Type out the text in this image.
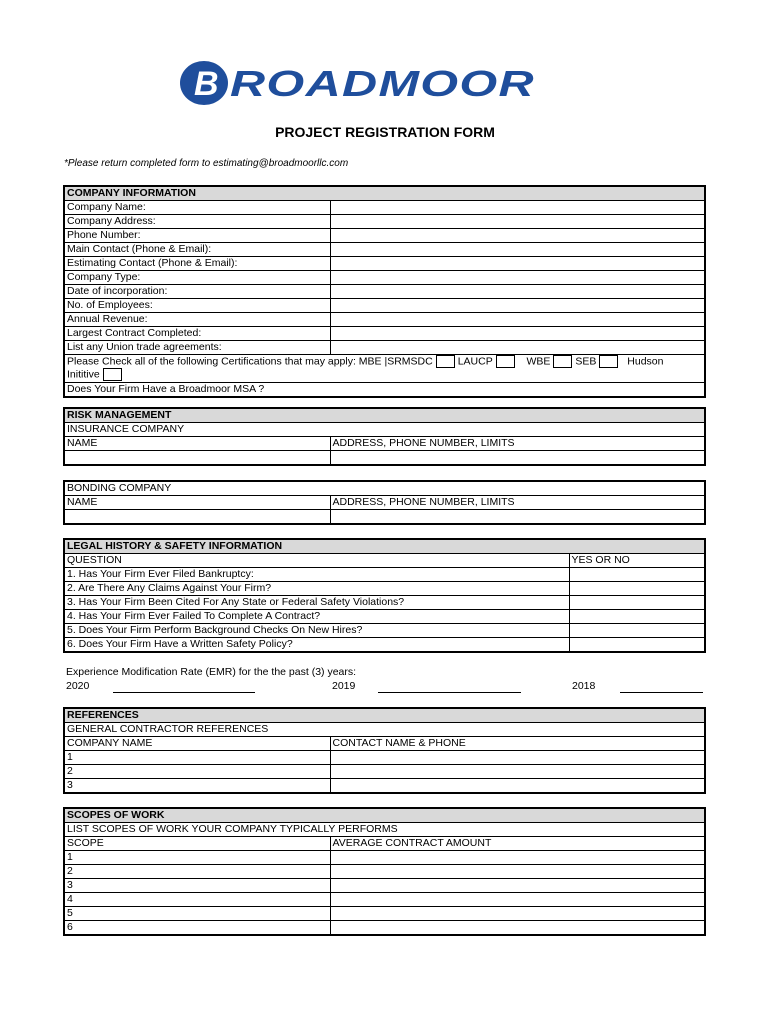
B ROADMOOR
PROJECT REGISTRATION FORM
*Please return completed form to estimating@broadmoorllc.com
COMPANY INFORMATION	
Company Name:	
Company Address:	
Phone Number:	
Main Contact (Phone & Email):	
Estimating Contact (Phone & Email):	
Company Type:	
Date of incorporation:	
No. of Employees:	
Annual Revenue:	
Largest Contract Completed:	
List any Union trade agreements:	
Please Check all of the following Certifications that may apply: MBE |SRMSDC LAUCP WBE SEB Hudson	
Inititive	
Does Your Firm Have a Broadmoor MSA ?	
RISK MANAGEMENT	
INSURANCE COMPANY	
NAME	ADDRESS, PHONE NUMBER, LIMITS

BONDING COMPANY	
NAME	ADDRESS, PHONE NUMBER, LIMITS

LEGAL HISTORY & SAFETY INFORMATION	
QUESTION	YES OR NO
1. Has Your Firm Ever Filed Bankruptcy:	
2. Are There Any Claims Against Your Firm?	
3. Has Your Firm Been Cited For Any State or Federal Safety Violations?	
4. Has Your Firm Ever Failed To Complete A Contract?	
5. Does Your Firm Perform Background Checks On New Hires?	
6. Does Your Firm Have a Written Safety Policy?	
Experience Modification Rate (EMR) for the the past (3) years:
2020	2019	2018
REFERENCES	
GENERAL CONTRACTOR REFERENCES	
COMPANY NAME	CONTACT NAME & PHONE
1	
2	
3	
SCOPES OF WORK	
LIST SCOPES OF WORK YOUR COMPANY TYPICALLY PERFORMS	
SCOPE	AVERAGE CONTRACT AMOUNT
1	
2	
3	
4	
5	
6	
